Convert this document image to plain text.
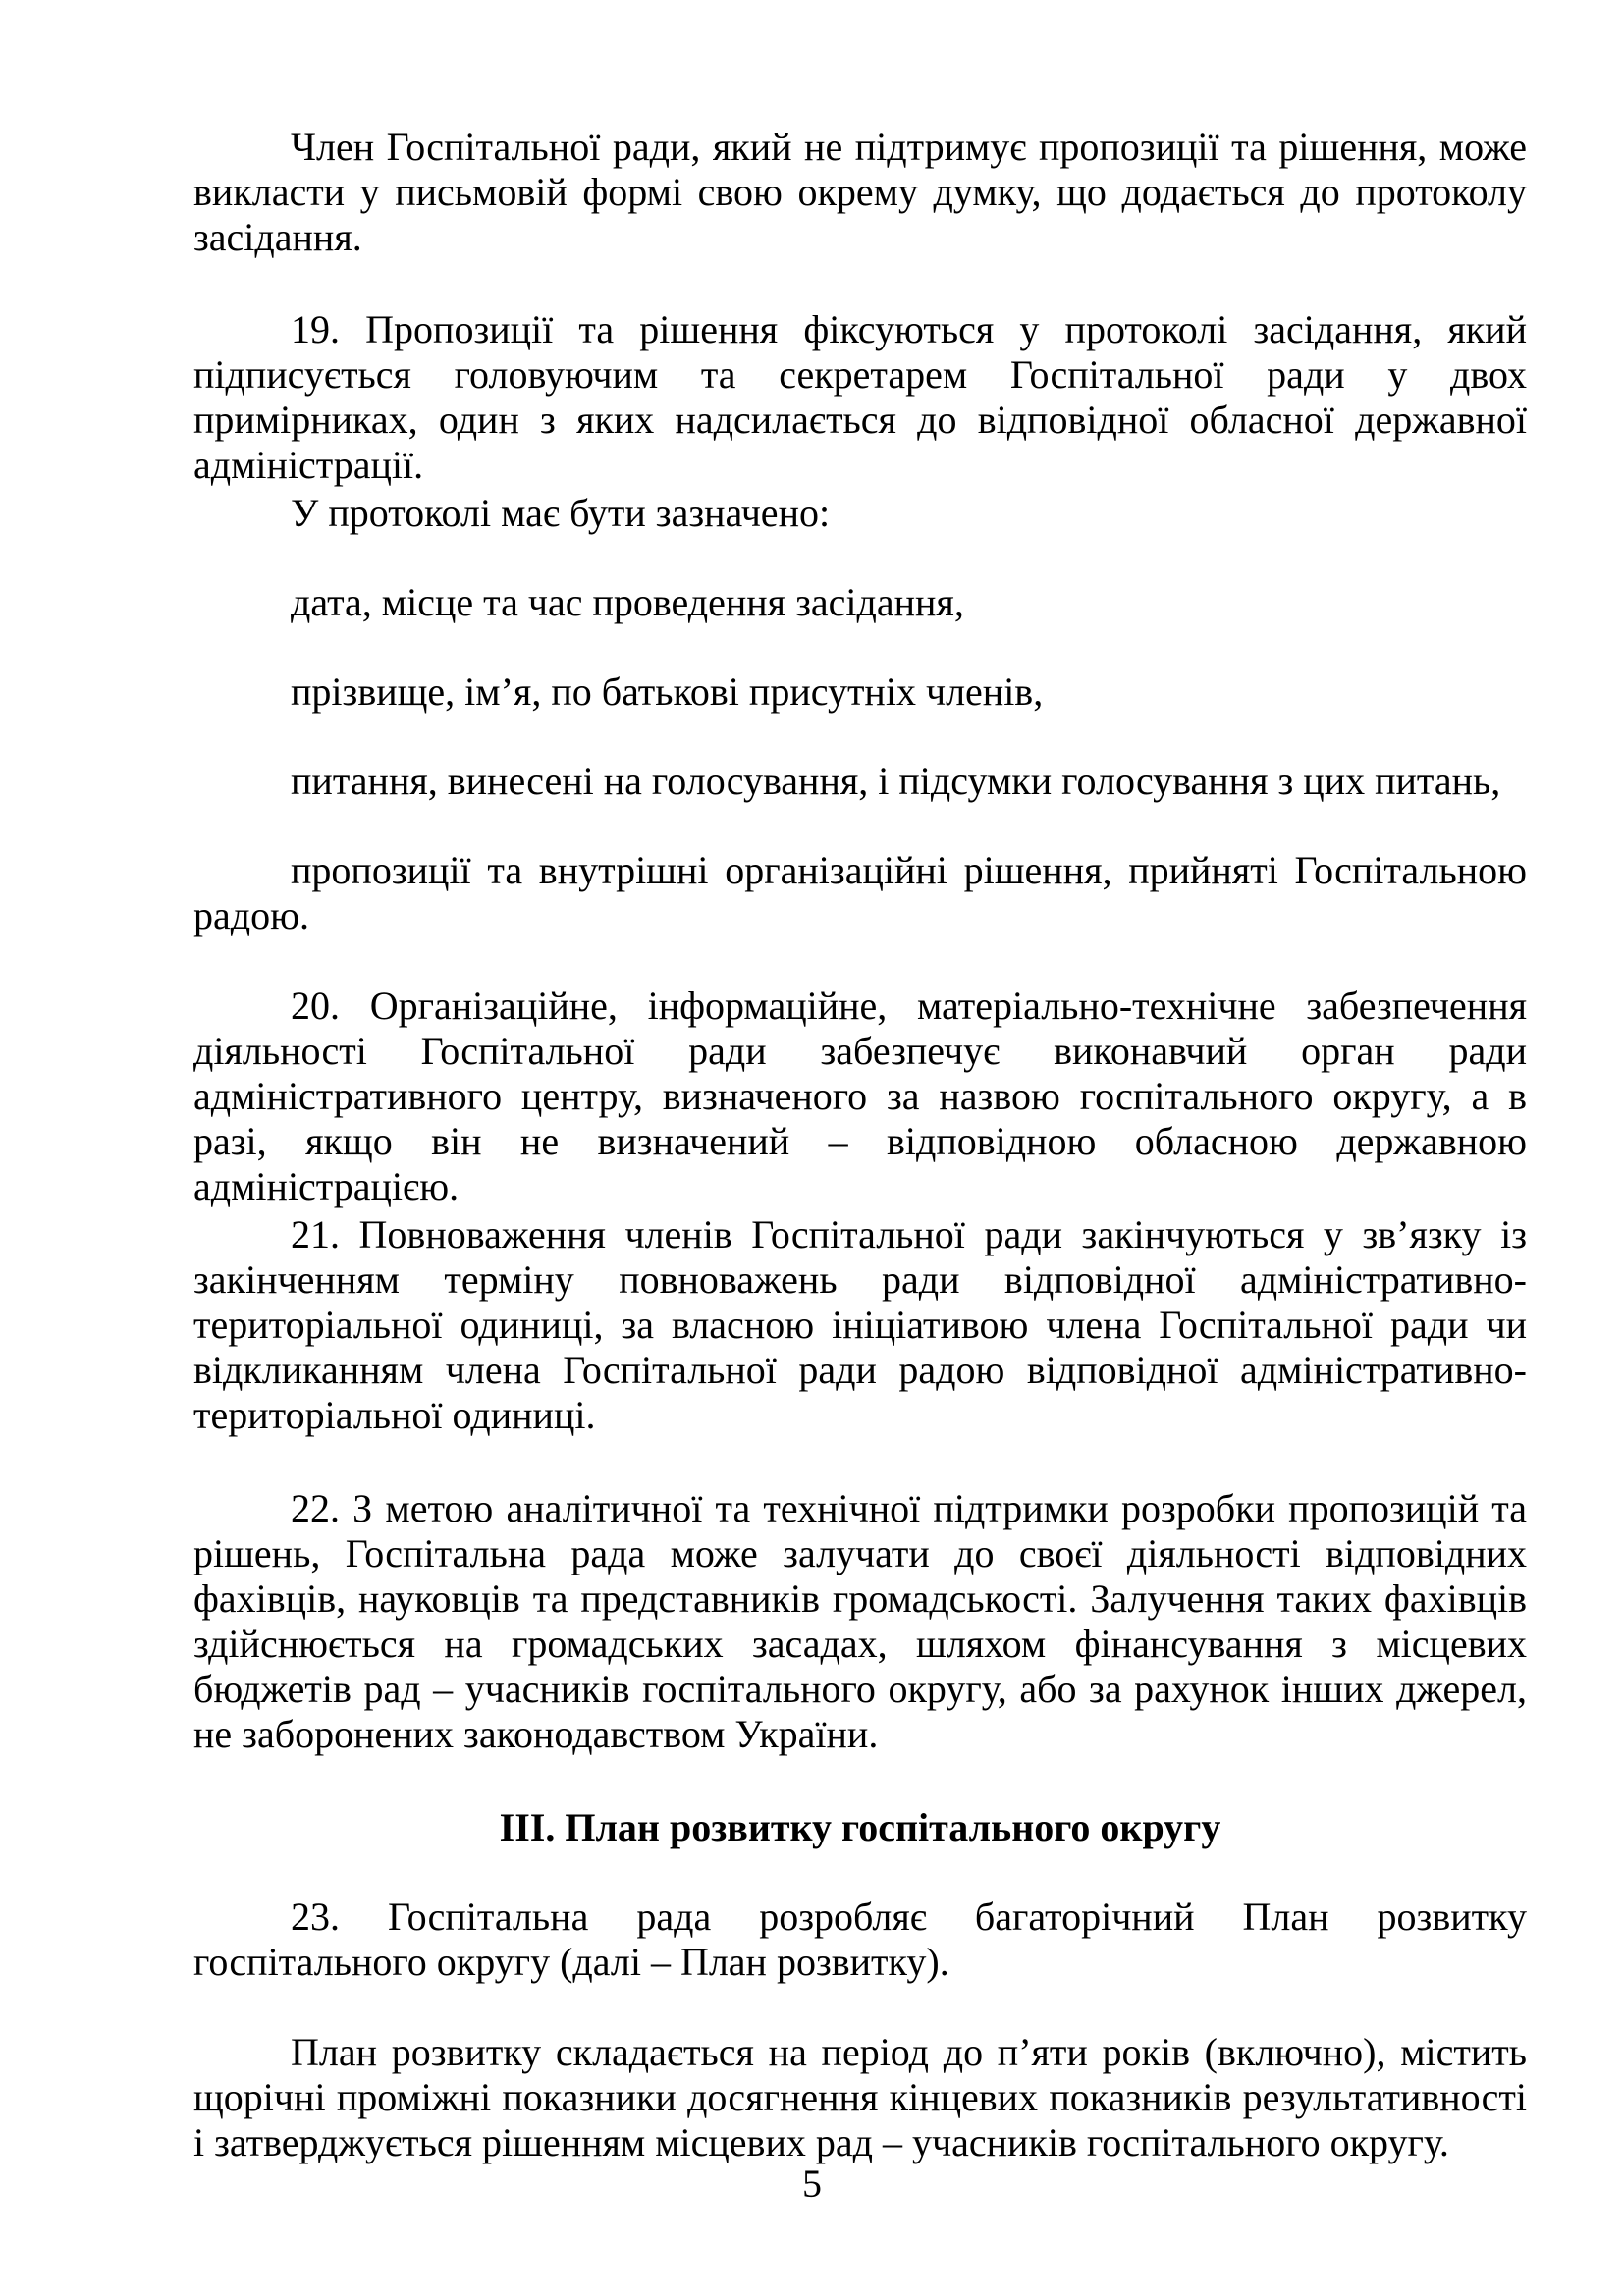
Член Госпітальної ради, який не підтримує пропозиції та рішення, може викласти у письмовій формі свою окрему думку, що додається до протоколу засідання.

19. Пропозиції та рішення фіксуються у протоколі засідання, який підписується головуючим та секретарем Госпітальної ради у двох примірниках, один з яких надсилається до відповідної обласної державної адміністрації.

У протоколі має бути зазначено:

дата, місце та час проведення засідання,

прізвище, ім’я, по батькові присутніх членів,

питання, винесені на голосування, і підсумки голосування з цих питань,

пропозиції та внутрішні організаційні рішення, прийняті Госпітальною радою.

20. Організаційне, інформаційне, матеріально-технічне забезпечення діяльності Госпітальної ради забезпечує виконавчий орган ради адміністративного центру, визначеного за назвою госпітального округу, а в разі, якщо він не визначений – відповідною обласною державною адміністрацією.

21. Повноваження членів Госпітальної ради закінчуються у зв’язку із закінченням терміну повноважень ради відповідної адміністративно-територіальної одиниці, за власною ініціативою члена Госпітальної ради чи відкликанням члена Госпітальної ради радою відповідної адміністративно-територіальної одиниці.

22. З метою аналітичної та технічної підтримки розробки пропозицій та рішень, Госпітальна рада може залучати до своєї діяльності відповідних фахівців, науковців та представників громадськості. Залучення таких фахівців здійснюється на громадських засадах, шляхом фінансування з місцевих бюджетів рад – учасників госпітального округу, або за рахунок інших джерел, не заборонених законодавством України.

ІІІ. План розвитку госпітального округу

23. Госпітальна рада розробляє багаторічний План розвитку госпітального округу (далі – План розвитку).

План розвитку складається на період до п’яти років (включно), містить щорічні проміжні показники досягнення кінцевих показників результативності і затверджується рішенням місцевих рад – учасників госпітального округу.

5
